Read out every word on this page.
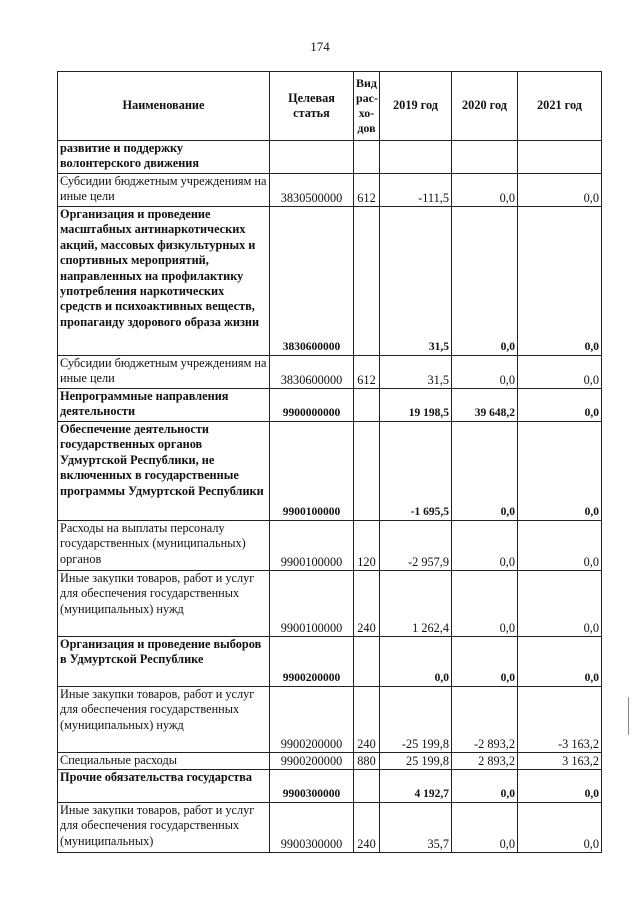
174
Наименование	Целевая статья	Вид рас-хо-дов	2019 год	2020 год	2021 год
развитие и поддержку волонтерского движения					
Субсидии бюджетным учреждениям на иные цели	3830500000	612	-111,5	0,0	0,0
Организация и проведение масштабных антинаркотических акций, массовых физкультурных и спортивных мероприятий, направленных на профилактику употребления наркотических средств и психоактивных веществ, пропаганду здорового образа жизни	3830600000		31,5	0,0	0,0
Субсидии бюджетным учреждениям на иные цели	3830600000	612	31,5	0,0	0,0
Непрограммные направления деятельности	9900000000		19 198,5	39 648,2	0,0
Обеспечение деятельности государственных органов Удмуртской Республики, не включенных в государственные программы Удмуртской Республики	9900100000		-1 695,5	0,0	0,0
Расходы на выплаты персоналу государственных (муниципальных) органов	9900100000	120	-2 957,9	0,0	0,0
Иные закупки товаров, работ и услуг для обеспечения государственных (муниципальных) нужд	9900100000	240	1 262,4	0,0	0,0
Организация и проведение выборов в Удмуртской Республике	9900200000		0,0	0,0	0,0
Иные закупки товаров, работ и услуг для обеспечения государственных (муниципальных) нужд	9900200000	240	-25 199,8	-2 893,2	-3 163,2
Специальные расходы	9900200000	880	25 199,8	2 893,2	3 163,2
Прочие обязательства государства	9900300000		4 192,7	0,0	0,0
Иные закупки товаров, работ и услуг для обеспечения государственных (муниципальных)	9900300000	240	35,7	0,0	0,0
